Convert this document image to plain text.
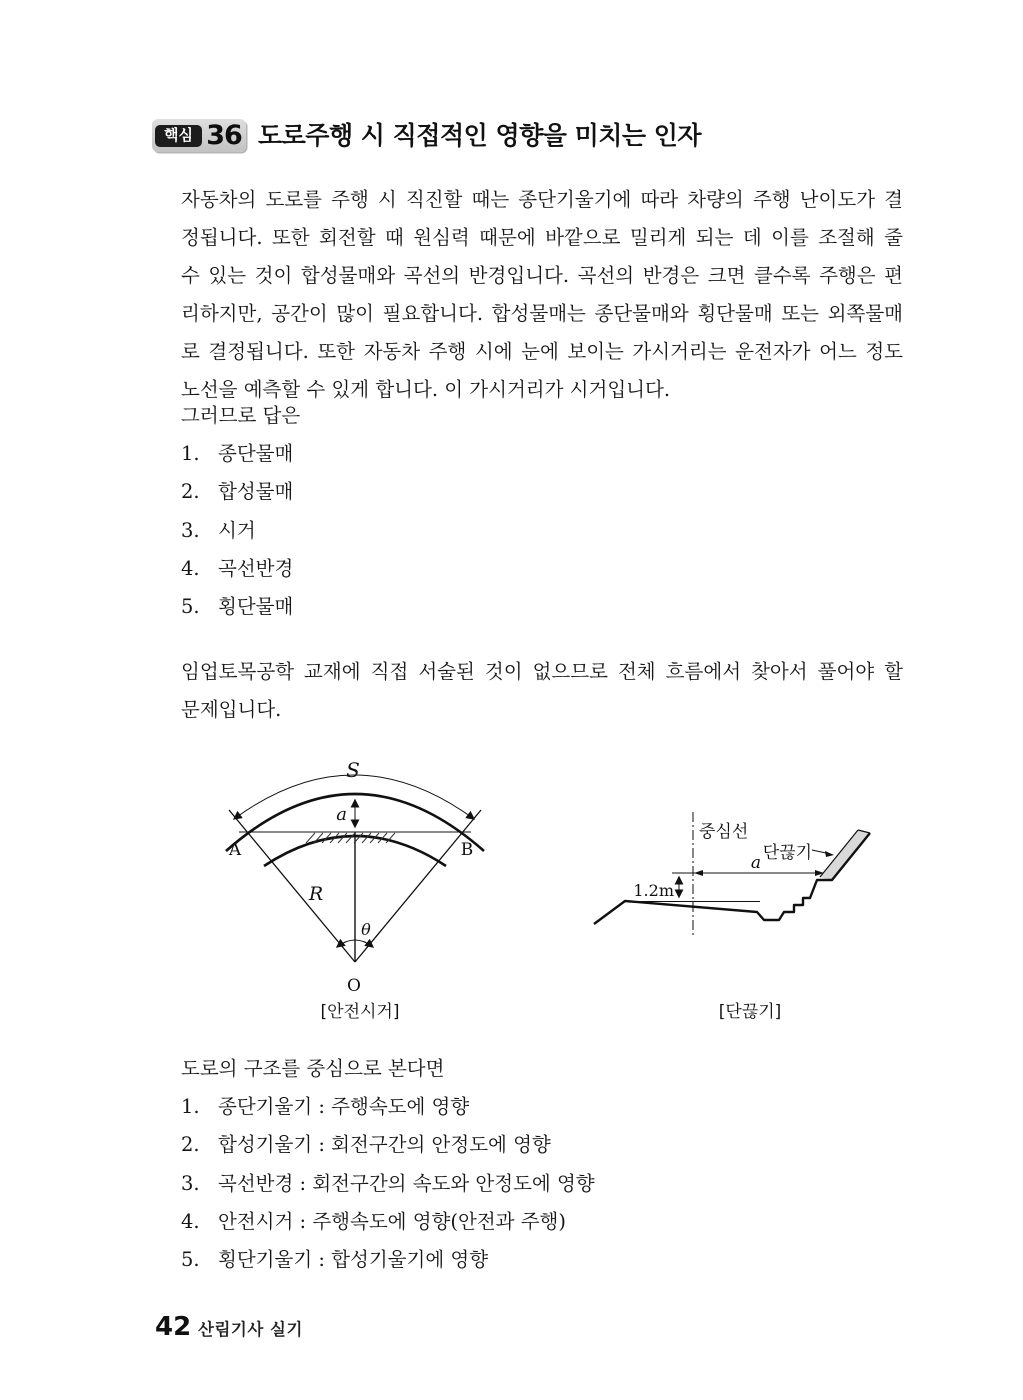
핵심 36 도로주행 시 직접적인 영향을 미치는 인자
자동차의 도로를 주행 시 직진할 때는 종단기울기에 따라 차량의 주행 난이도가 결
정됩니다. 또한 회전할 때 원심력 때문에 바깥으로 밀리게 되는 데 이를 조절해 줄
수 있는 것이 합성물매와 곡선의 반경입니다. 곡선의 반경은 크면 클수록 주행은 편
리하지만, 공간이 많이 필요합니다. 합성물매는 종단물매와 횡단물매 또는 외쪽물매
로 결정됩니다. 또한 자동차 주행 시에 눈에 보이는 가시거리는 운전자가 어느 정도
노선을 예측할 수 있게 합니다. 이 가시거리가 시거입니다.
그러므로 답은
1. 종단물매
2. 합성물매
3. 시거
4. 곡선반경
5. 횡단물매
임업토목공학 교재에 직접 서술된 것이 없으므로 전체 흐름에서 찾아서 풀어야 할
문제입니다.
S
a
A	B
R
θ
O
[안전시거]
중심선
단끊기
a
1.2m
[단끊기]
도로의 구조를 중심으로 본다면
1. 종단기울기 : 주행속도에 영향
2. 합성기울기 : 회전구간의 안정도에 영향
3. 곡선반경 : 회전구간의 속도와 안정도에 영향
4. 안전시거 : 주행속도에 영향(안전과 주행)
5. 횡단기울기 : 합성기울기에 영향
42 산림기사 실기
